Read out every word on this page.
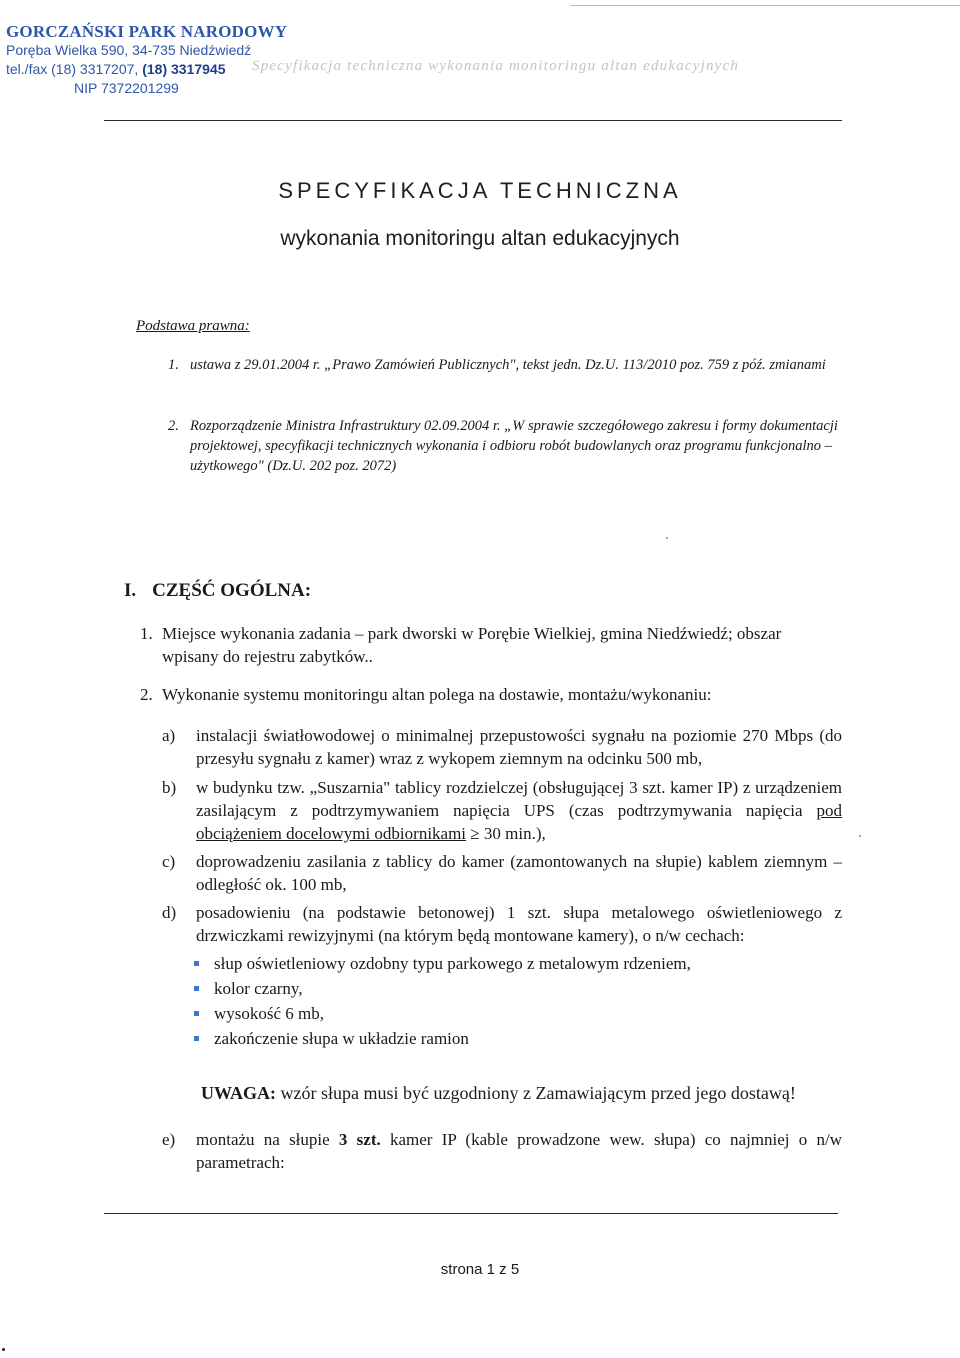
GORCZAŃSKI PARK NARODOWY
Poręba Wielka 590, 34-735 Niedźwiedź
tel./fax (18) 3317207, (18) 3317945
NIP 7372201299
Specyfikacja techniczna wykonania monitoringu altan edukacyjnych
SPECYFIKACJA TECHNICZNA
wykonania monitoringu altan edukacyjnych
Podstawa prawna:
1. ustawa z 29.01.2004 r. „Prawo Zamówień Publicznych", tekst jedn. Dz.U. 113/2010 poz. 759 z póź. zmianami
2. Rozporządzenie Ministra Infrastruktury 02.09.2004 r. „W sprawie szczegółowego zakresu i formy dokumentacji projektowej, specyfikacji technicznych wykonania i odbioru robót budowlanych oraz programu funkcjonalno – użytkowego" (Dz.U. 202 poz. 2072)
I. CZĘŚĆ OGÓLNA:
1. Miejsce wykonania zadania – park dworski w Porębie Wielkiej, gmina Niedźwiedź; obszar wpisany do rejestru zabytków..
2. Wykonanie systemu monitoringu altan polega na dostawie, montażu/wykonaniu:
a)	instalacji światłowodowej o minimalnej przepustowości sygnału na poziomie 270 Mbps (do przesyłu sygnału z kamer) wraz z wykopem ziemnym na odcinku 500 mb,
b)	w budynku tzw. „Suszarnia" tablicy rozdzielczej (obsługującej 3 szt. kamer IP) z urządzeniem zasilającym z podtrzymywaniem napięcia UPS (czas podtrzymywania napięcia pod obciążeniem docelowymi odbiornikami ≥ 30 min.),
c)	doprowadzeniu zasilania z tablicy do kamer (zamontowanych na słupie) kablem ziemnym – odległość ok. 100 mb,
d)	posadowieniu (na podstawie betonowej) 1 szt. słupa metalowego oświetleniowego z drzwiczkami rewizyjnymi (na którym będą montowane kamery), o n/w cechach:
słup oświetleniowy ozdobny typu parkowego z metalowym rdzeniem,
kolor czarny,
wysokość 6 mb,
zakończenie słupa w układzie ramion
UWAGA: wzór słupa musi być uzgodniony z Zamawiającym przed jego dostawą!
e)	montażu na słupie 3 szt. kamer IP (kable prowadzone wew. słupa) co najmniej o n/w parametrach:
strona 1 z 5
